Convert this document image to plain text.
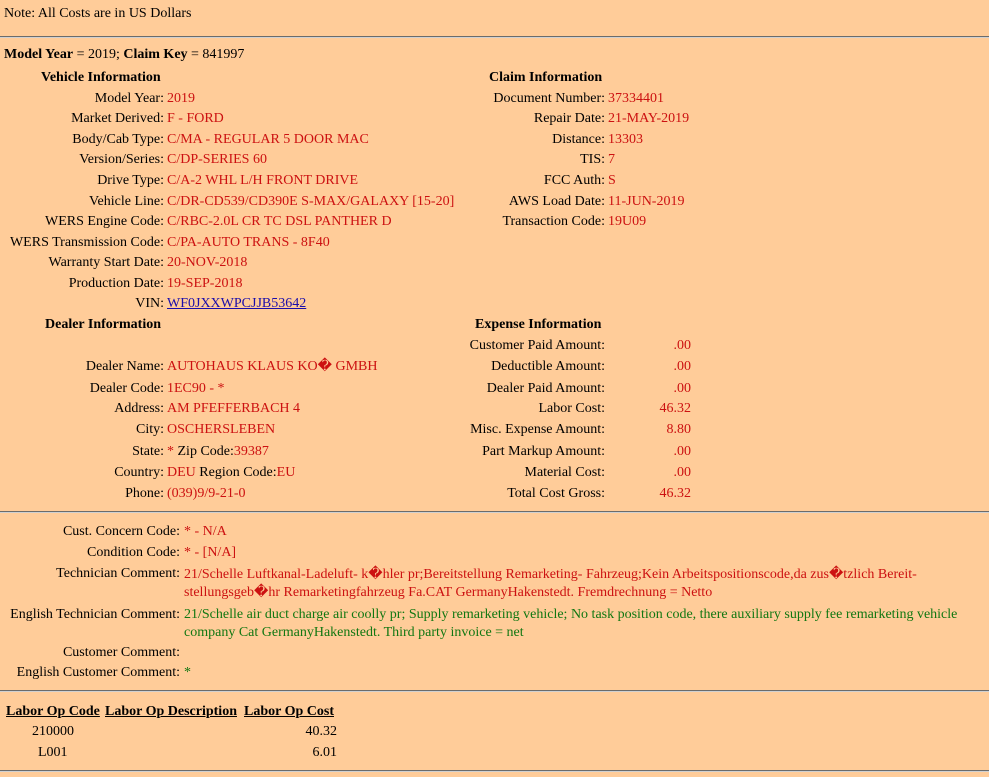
Note: All Costs are in US Dollars
Model Year = 2019; Claim Key = 841997
Vehicle Information	Claim Information
Model Year: 2019
Market Derived: F - FORD
Body/Cab Type: C/MA - REGULAR 5 DOOR MAC
Version/Series: C/DP-SERIES 60
Drive Type: C/A-2 WHL L/H FRONT DRIVE
Vehicle Line: C/DR-CD539/CD390E S-MAX/GALAXY [15-20]
WERS Engine Code: C/RBC-2.0L CR TC DSL PANTHER D
WERS Transmission Code: C/PA-AUTO TRANS - 8F40
Warranty Start Date: 20-NOV-2018
Production Date: 19-SEP-2018
VIN: WF0JXXWPCJJB53642
Document Number: 37334401
Repair Date: 21-MAY-2019
Distance: 13303
TIS: 7
FCC Auth: S
AWS Load Date: 11-JUN-2019
Transaction Code: 19U09
Dealer Information
Dealer Name: AUTOHAUS KLAUS KO� GMBH
Dealer Code: 1EC90 - *
Address: AM PFEFFERBACH 4
City: OSCHERSLEBEN
State: * Zip Code:39387
Country: DEU Region Code:EU
Phone: (039)9/9-21-0
Expense Information
Customer Paid Amount:	.00
Deductible Amount:	.00
Dealer Paid Amount:	.00
Labor Cost:	46.32
Misc. Expense Amount:	8.80
Part Markup Amount:	.00
Material Cost:	.00
Total Cost Gross:	46.32
Cust. Concern Code: * - N/A
Condition Code: * - [N/A]
Technician Comment: 21/Schelle Luftkanal-Ladeluft- k�hler pr;Bereitstellung Remarketing- Fahrzeug;Kein Arbeitspositionscode,da zus�tzlich Bereit-stellungsgeb�hr Remarketingfahrzeug Fa.CAT GermanyHakenstedt. Fremdrechnung = Netto
English Technician Comment: 21/Schelle air duct charge air coolly pr; Supply remarketing vehicle; No task position code, there auxiliary supply fee remarketing vehicle company Cat GermanyHakenstedt. Third party invoice = net
Customer Comment:
English Customer Comment: *
Labor Op Code Labor Op Description Labor Op Cost
210000	40.32
L001	6.01
